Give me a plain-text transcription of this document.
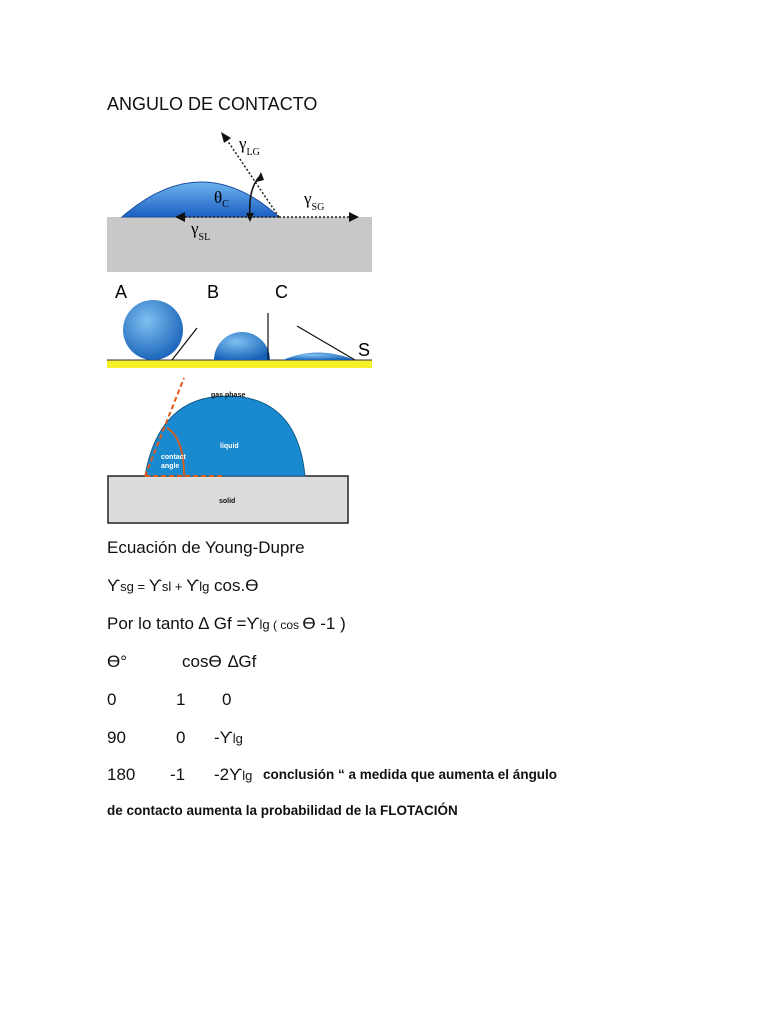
ANGULO DE CONTACTO
$\gamma_{LG}$
$\theta_C$	$\gamma_{SG}$
$\gamma_{SL}$
A	B	C
S
gas phase
liquid
contact
angle
solid
Ecuación de Young-Dupre
ϒsg = ϒsl + ϒlg cos.ϴ
Por lo tanto ∆ Gf =ϒlg ( cos ϴ -1 )
ϴ°	cosϴ ∆Gf
0	1 0
90	0 -ϒlg
180 -1 -2ϒlg conclusión “ a medida que aumenta el ángulo
de contacto aumenta la probabilidad de la FLOTACIÓN
